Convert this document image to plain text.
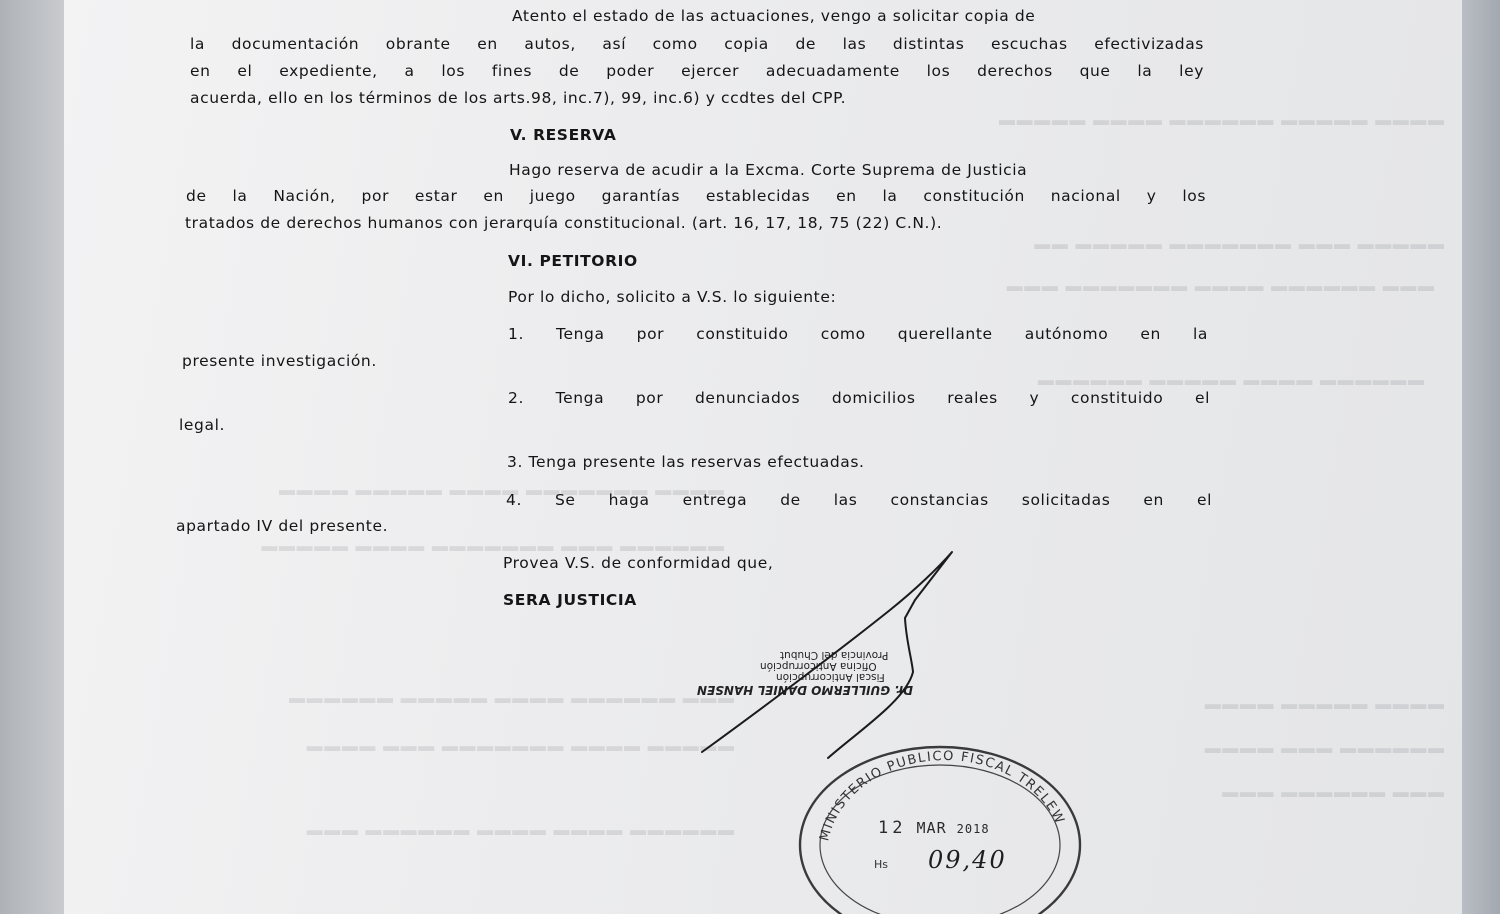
▬▬▬▬ ▬▬▬▬▬ ▬▬▬▬▬▬ ▬▬▬▬ ▬▬▬▬▬
▬▬▬▬▬ ▬▬▬ ▬▬▬▬▬▬▬ ▬▬▬▬▬ ▬▬
▬▬▬ ▬▬▬▬▬▬ ▬▬▬▬ ▬▬▬▬▬▬▬ ▬▬▬
▬▬▬▬▬▬ ▬▬▬▬ ▬▬▬▬▬ ▬▬▬▬▬▬
▬▬▬▬ ▬▬▬▬▬▬▬ ▬▬▬▬ ▬▬▬▬▬ ▬▬▬▬
▬▬▬▬▬▬ ▬▬▬ ▬▬▬▬▬▬▬ ▬▬▬▬ ▬▬▬▬▬
▬▬▬ ▬▬▬▬▬▬ ▬▬▬▬ ▬▬▬▬▬ ▬▬▬▬▬▬
▬▬▬▬▬ ▬▬▬▬ ▬▬▬▬▬▬▬ ▬▬▬ ▬▬▬▬
▬▬▬▬▬▬ ▬▬▬▬ ▬▬▬▬ ▬▬▬▬▬▬ ▬▬▬
▬▬▬▬ ▬▬▬▬▬ ▬▬▬▬
▬▬▬▬▬▬ ▬▬▬ ▬▬▬▬
▬▬▬ ▬▬▬▬▬▬ ▬▬▬
Atento el estado de las actuaciones, vengo a solicitar copia de
la documentación obrante en autos, así como copia de las distintas escuchas efectivizadas
en el expediente, a los fines de poder ejercer adecuadamente los derechos que la ley
acuerda, ello en los términos de los arts.98, inc.7), 99, inc.6) y ccdtes del CPP.
V. RESERVA
Hago reserva de acudir a la Excma. Corte Suprema de Justicia
de la Nación, por estar en juego garantías establecidas en la constitución nacional y los
tratados de derechos humanos con jerarquía constitucional. (art. 16, 17, 18, 75 (22) C.N.).
VI. PETITORIO
Por lo dicho, solicito a V.S. lo siguiente:
1. Tenga por constituido como querellante autónomo en la
presente investigación.
2. Tenga por denunciados domicilios reales y constituido el
legal.
3. Tenga presente las reservas efectuadas.
4. Se haga entrega de las constancias solicitadas en el
apartado IV del presente.
Provea V.S. de conformidad que,
SERA JUSTICIA
Dr. GUILLERMO DANIEL HANSEN
Fiscal Anticorrupción
Oficina Anticorrupción
Provincia del Chubut
MINISTERIO PUBLICO FISCAL TRELEW
12 MAR 2018
Hs 09,40
